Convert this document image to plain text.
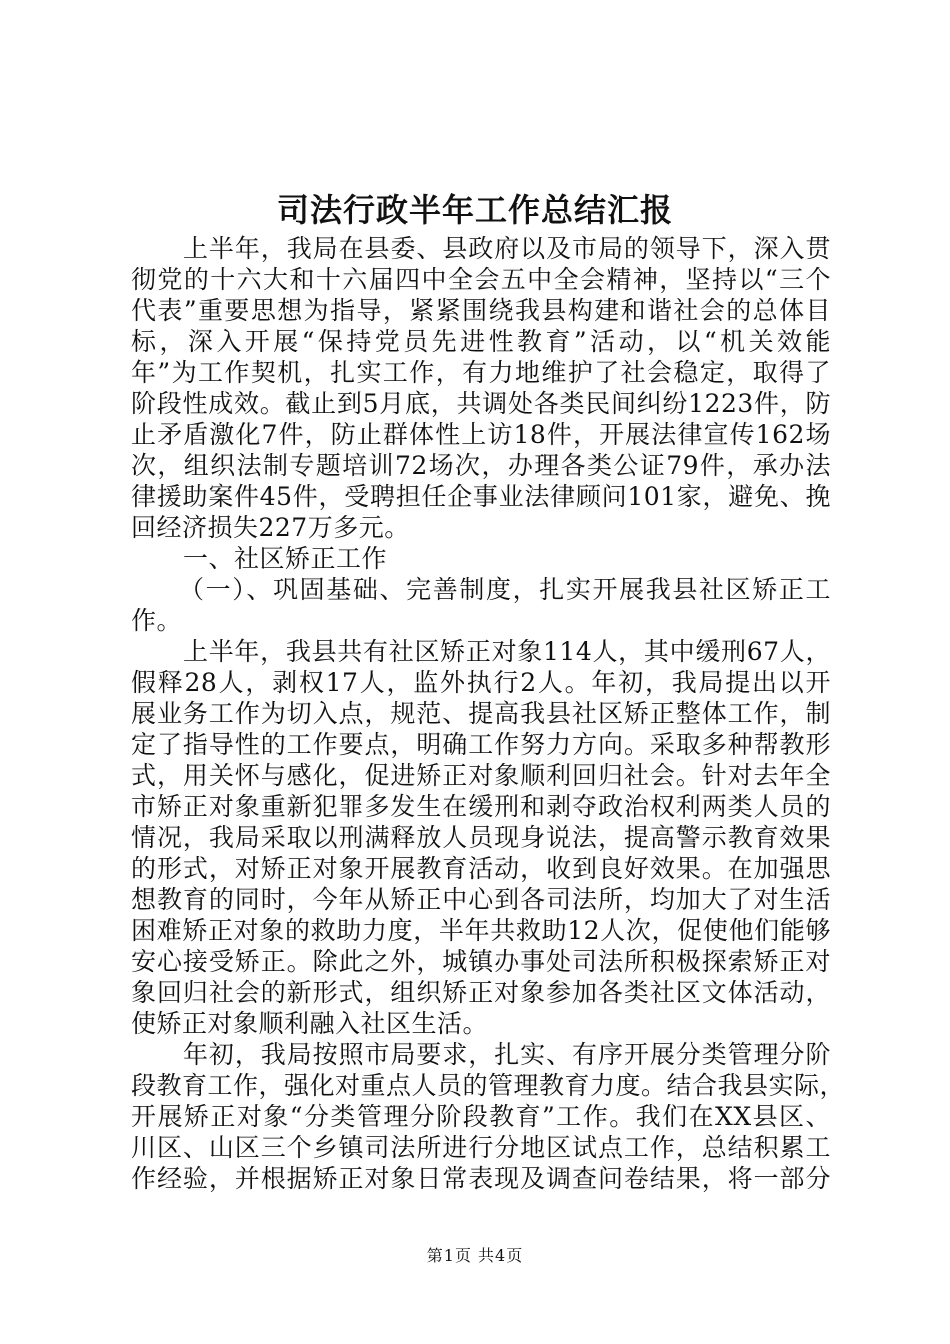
司法行政半年工作总结汇报
上半年，我局在县委、县政府以及市局的领导下，深入贯
彻党的十六大和十六届四中全会五中全会精神，坚持以“三个
代表”重要思想为指导，紧紧围绕我县构建和谐社会的总体目
标，深入开展“保持党员先进性教育”活动，以“机关效能
年”为工作契机，扎实工作，有力地维护了社会稳定，取得了
阶段性成效。截止到5月底，共调处各类民间纠纷1223件，防
止矛盾激化7件，防止群体性上访18件，开展法律宣传162场
次，组织法制专题培训72场次，办理各类公证79件，承办法
律援助案件45件，受聘担任企事业法律顾问101家，避免、挽
回经济损失227万多元。
一、社区矫正工作
（一）、巩固基础、完善制度，扎实开展我县社区矫正工
作。
上半年，我县共有社区矫正对象114人，其中缓刑67人，
假释28人，剥权17人，监外执行2人。年初，我局提出以开
展业务工作为切入点，规范、提高我县社区矫正整体工作，制
定了指导性的工作要点，明确工作努力方向。采取多种帮教形
式，用关怀与感化，促进矫正对象顺利回归社会。针对去年全
市矫正对象重新犯罪多发生在缓刑和剥夺政治权利两类人员的
情况，我局采取以刑满释放人员现身说法，提高警示教育效果
的形式，对矫正对象开展教育活动，收到良好效果。在加强思
想教育的同时，今年从矫正中心到各司法所，均加大了对生活
困难矫正对象的救助力度，半年共救助12人次，促使他们能够
安心接受矫正。除此之外，城镇办事处司法所积极探索矫正对
象回归社会的新形式，组织矫正对象参加各类社区文体活动，
使矫正对象顺利融入社区生活。
年初，我局按照市局要求，扎实、有序开展分类管理分阶
段教育工作，强化对重点人员的管理教育力度。结合我县实际，
开展矫正对象“分类管理分阶段教育”工作。我们在XX县区、
川区、山区三个乡镇司法所进行分地区试点工作，总结积累工
作经验，并根据矫正对象日常表现及调查问卷结果，将一部分
第1页 共4页
